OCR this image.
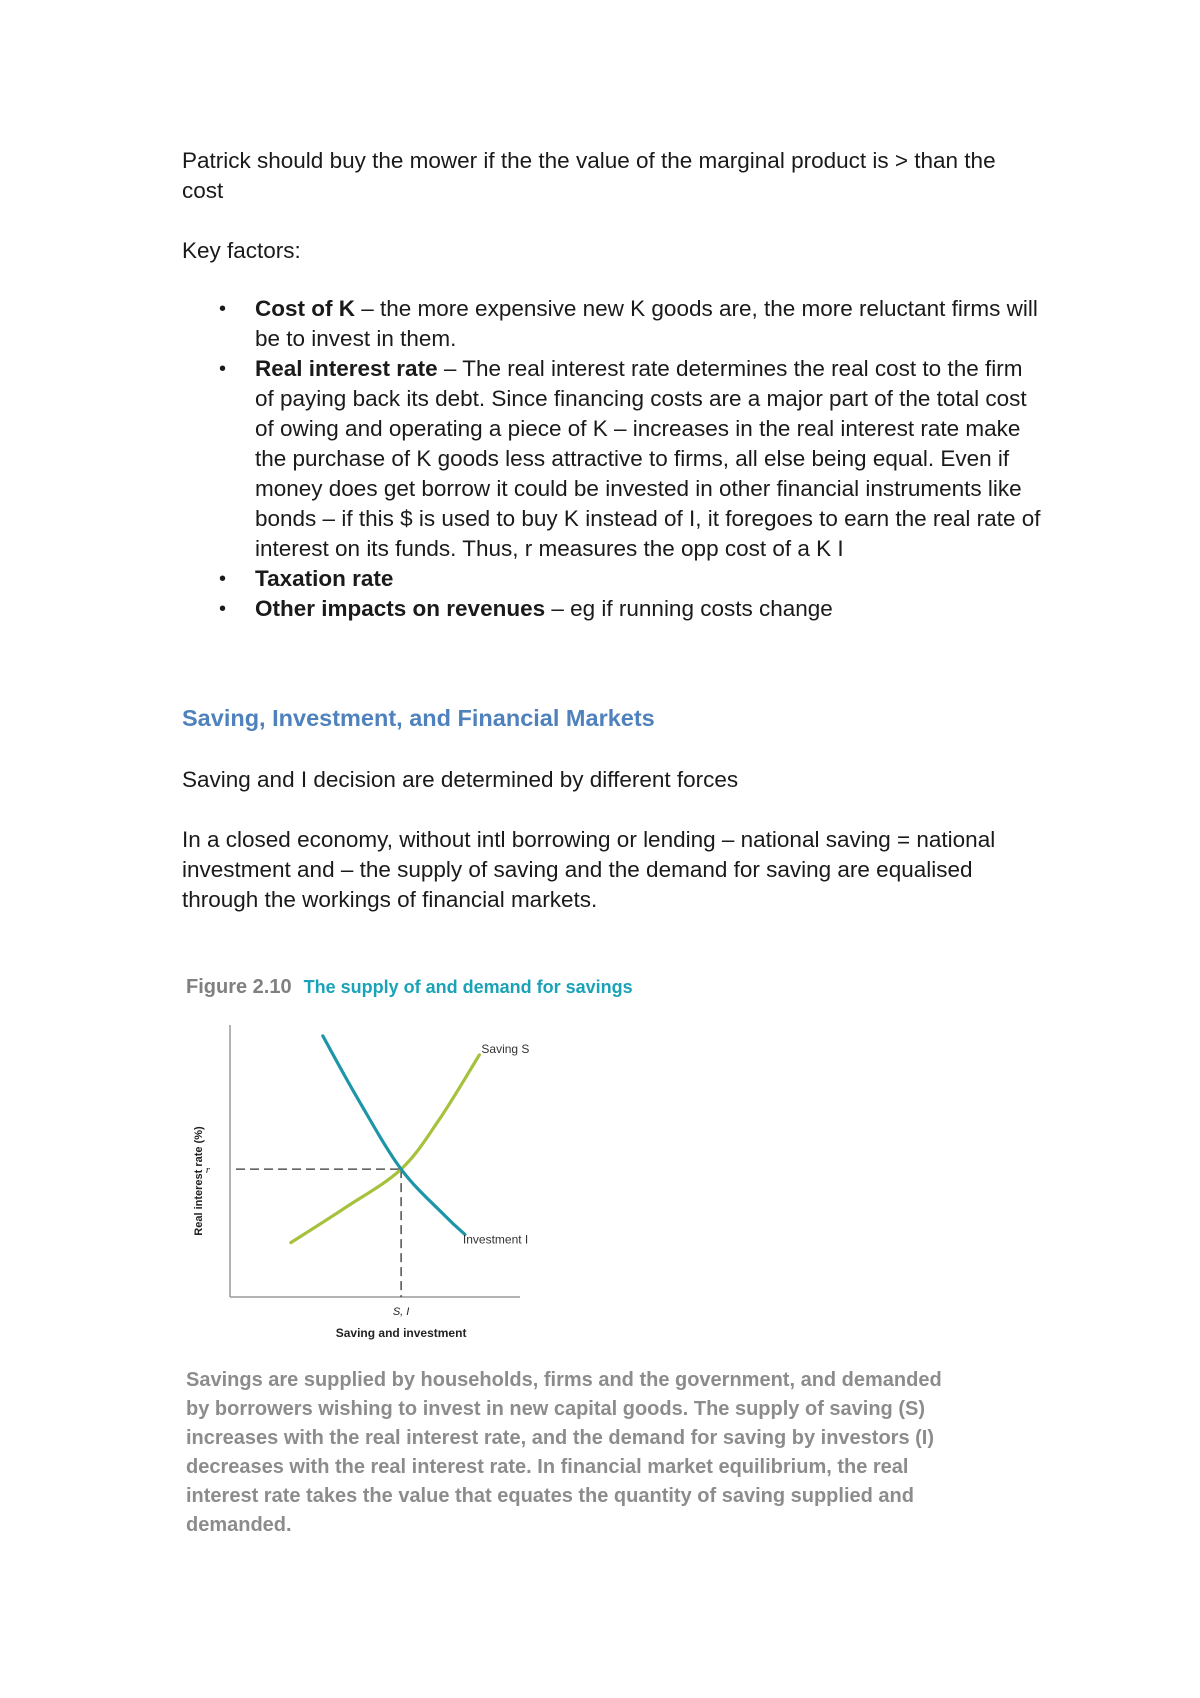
Patrick should buy the mower if the the value of the marginal product is > than the cost

Key factors:

• Cost of K – the more expensive new K goods are, the more reluctant firms will be to invest in them.
• Real interest rate – The real interest rate determines the real cost to the firm of paying back its debt. Since financing costs are a major part of the total cost of owing and operating a piece of K – increases in the real interest rate make the purchase of K goods less attractive to firms, all else being equal. Even if money does get borrow it could be invested in other financial instruments like bonds – if this $ is used to buy K instead of I, it foregoes to earn the real rate of interest on its funds. Thus, r measures the opp cost of a K I
• Taxation rate
• Other impacts on revenues – eg if running costs change
Saving, Investment, and Financial Markets

Saving and I decision are determined by different forces

In a closed economy, without intl borrowing or lending – national saving = national investment and – the supply of saving and the demand for saving are equalised through the workings of financial markets.

Figure 2.10 The supply of and demand for savings
Real interest rate (%)
Saving and investment
r
S, I
Saving S
Investment I

Savings are supplied by households, firms and the government, and demanded by borrowers wishing to invest in new capital goods. The supply of saving (S) increases with the real interest rate, and the demand for saving by investors (I) decreases with the real interest rate. In financial market equilibrium, the real interest rate takes the value that equates the quantity of saving supplied and demanded.
